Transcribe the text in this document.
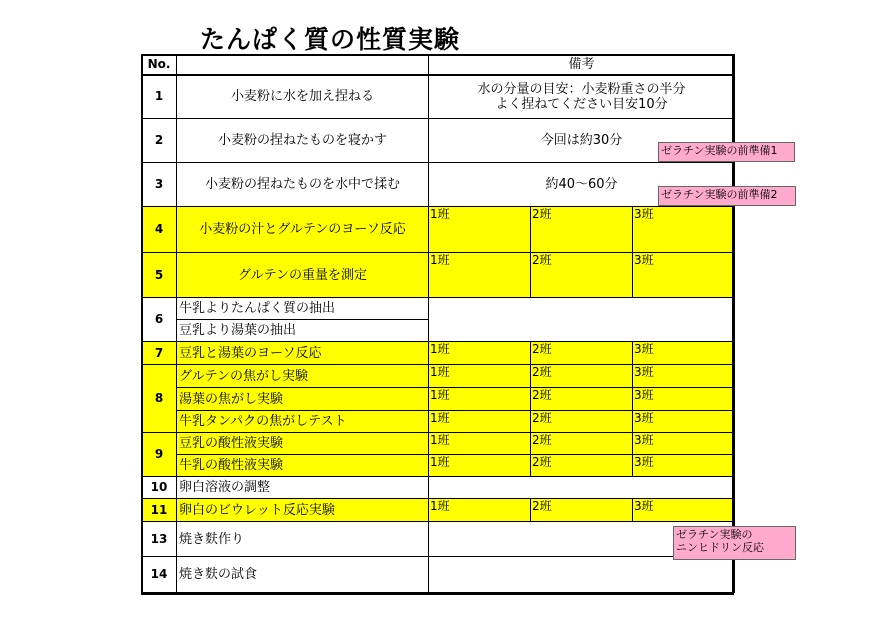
たんぱく質の性質実験
No.		備考		
1	小麦粉に水を加え捏ねる	水の分量の目安：小麦粉重さの半分
よく捏ねてください目安10分		

2	小麦粉の捏ねたものを寝かす	今回は約30分		
3	小麦粉の捏ねたものを水中で揉む	約40～60分		
4	小麦粉の汁とグルテンのヨーソ反応	1班	2班	3班
5	グルテンの重量を測定	1班	2班	3班
6	牛乳よりたんぱく質の抽出			
	豆乳より湯葉の抽出			
7	豆乳と湯葉のヨーソ反応	1班	2班	3班
8	グルテンの焦がし実験	1班	2班	3班
	湯葉の焦がし実験	1班	2班	3班
	牛乳タンパクの焦がしテスト	1班	2班	3班
9	豆乳の酸性液実験	1班	2班	3班
	牛乳の酸性液実験	1班	2班	3班
10	卵白溶液の調整			
11	卵白のビウレット反応実験	1班	2班	3班
13	焼き麩作り			
14	焼き麩の試食			
ゼラチン実験の前準備1
ゼラチン実験の前準備2
ゼラチン実験の
ニンヒドリン反応
